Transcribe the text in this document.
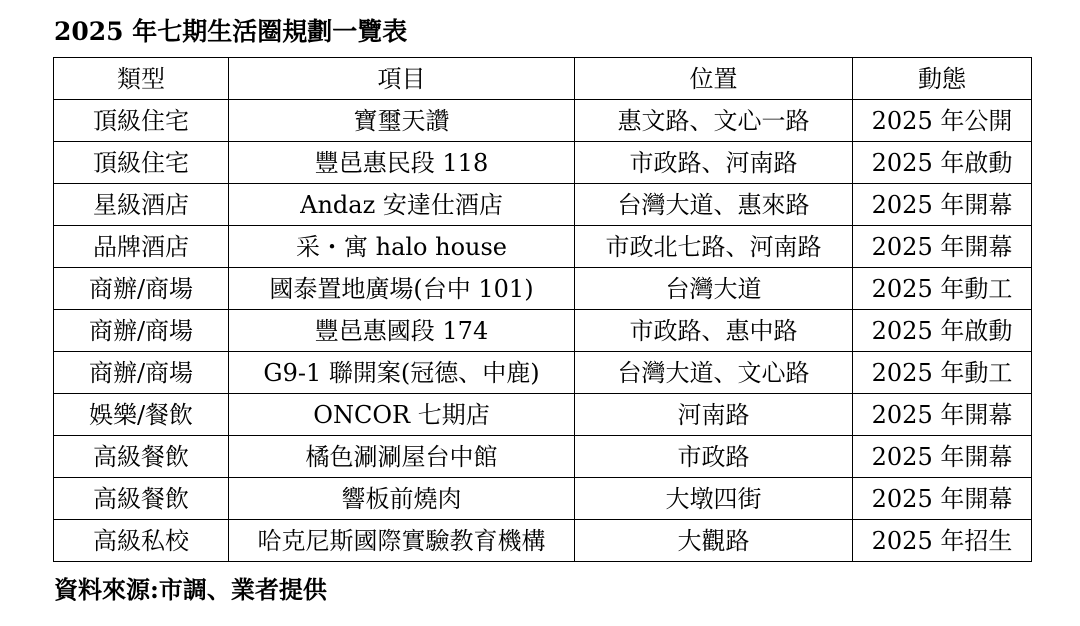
2025 年七期生活圈規劃一覽表
類型	項目	位置	動態
頂級住宅	寶璽天讚	惠文路、文心一路	2025 年公開
頂級住宅	豐邑惠民段 118	市政路、河南路	2025 年啟動
星級酒店	Andaz 安達仕酒店	台灣大道、惠來路	2025 年開幕
品牌酒店	采・寓 halo house	市政北七路、河南路	2025 年開幕
商辦/商場	國泰置地廣場(台中 101)	台灣大道	2025 年動工
商辦/商場	豐邑惠國段 174	市政路、惠中路	2025 年啟動
商辦/商場	G9-1 聯開案(冠德、中鹿)	台灣大道、文心路	2025 年動工
娛樂/餐飲	ONCOR 七期店	河南路	2025 年開幕
高級餐飲	橘色涮涮屋台中館	市政路	2025 年開幕
高級餐飲	響板前燒肉	大墩四街	2025 年開幕
高級私校	哈克尼斯國際實驗教育機構	大觀路	2025 年招生
資料來源:市調、業者提供
